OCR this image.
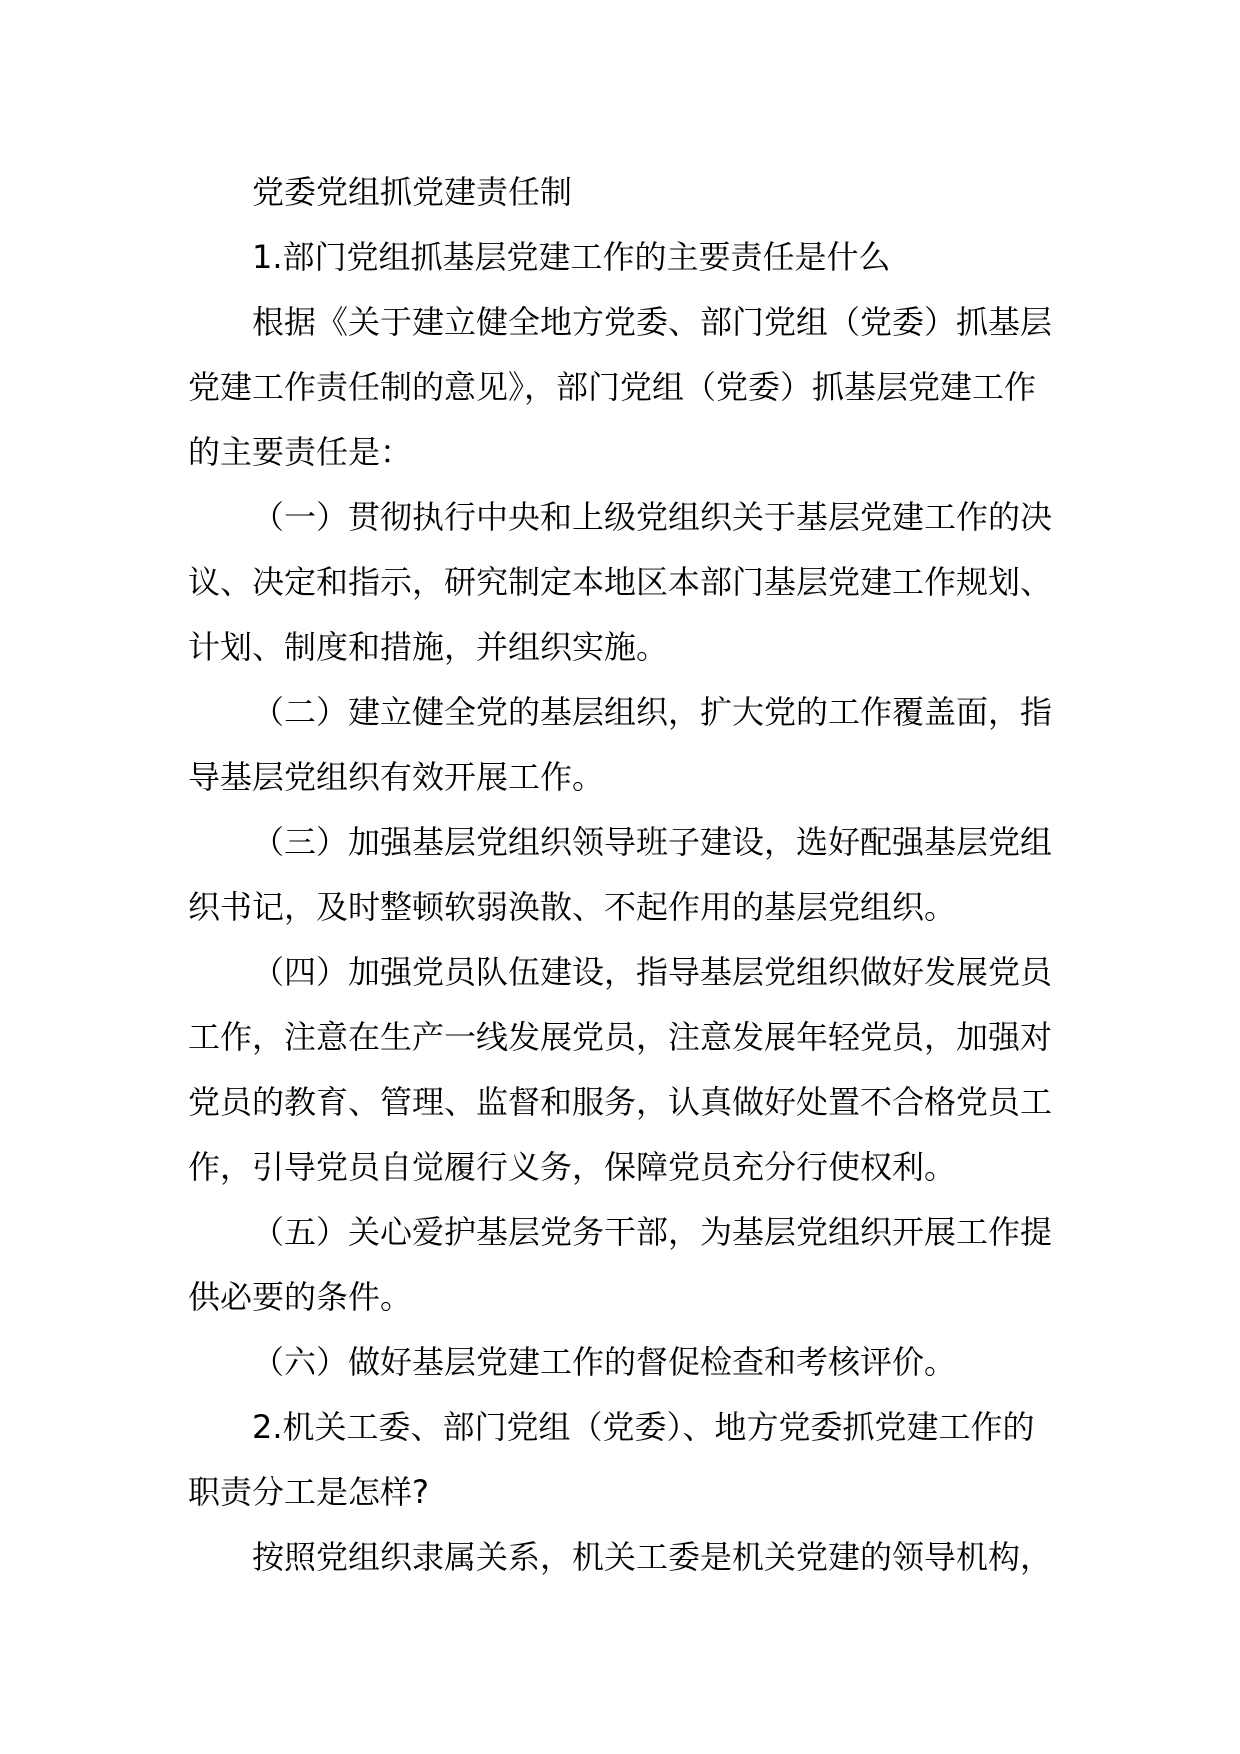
党委党组抓党建责任制

1.部门党组抓基层党建工作的主要责任是什么

根据《关于建立健全地方党委、部门党组（党委）抓基层党建工作责任制的意见》，部门党组（党委）抓基层党建工作的主要责任是：

（一）贯彻执行中央和上级党组织关于基层党建工作的决议、决定和指示，研究制定本地区本部门基层党建工作规划、计划、制度和措施，并组织实施。

（二）建立健全党的基层组织，扩大党的工作覆盖面，指导基层党组织有效开展工作。

（三）加强基层党组织领导班子建设，选好配强基层党组织书记，及时整顿软弱涣散、不起作用的基层党组织。

（四）加强党员队伍建设，指导基层党组织做好发展党员工作，注意在生产一线发展党员，注意发展年轻党员，加强对党员的教育、管理、监督和服务，认真做好处置不合格党员工作，引导党员自觉履行义务，保障党员充分行使权利。

（五）关心爱护基层党务干部，为基层党组织开展工作提供必要的条件。

（六）做好基层党建工作的督促检查和考核评价。

2.机关工委、部门党组（党委）、地方党委抓党建工作的职责分工是怎样?

按照党组织隶属关系，机关工委是机关党建的领导机构，
